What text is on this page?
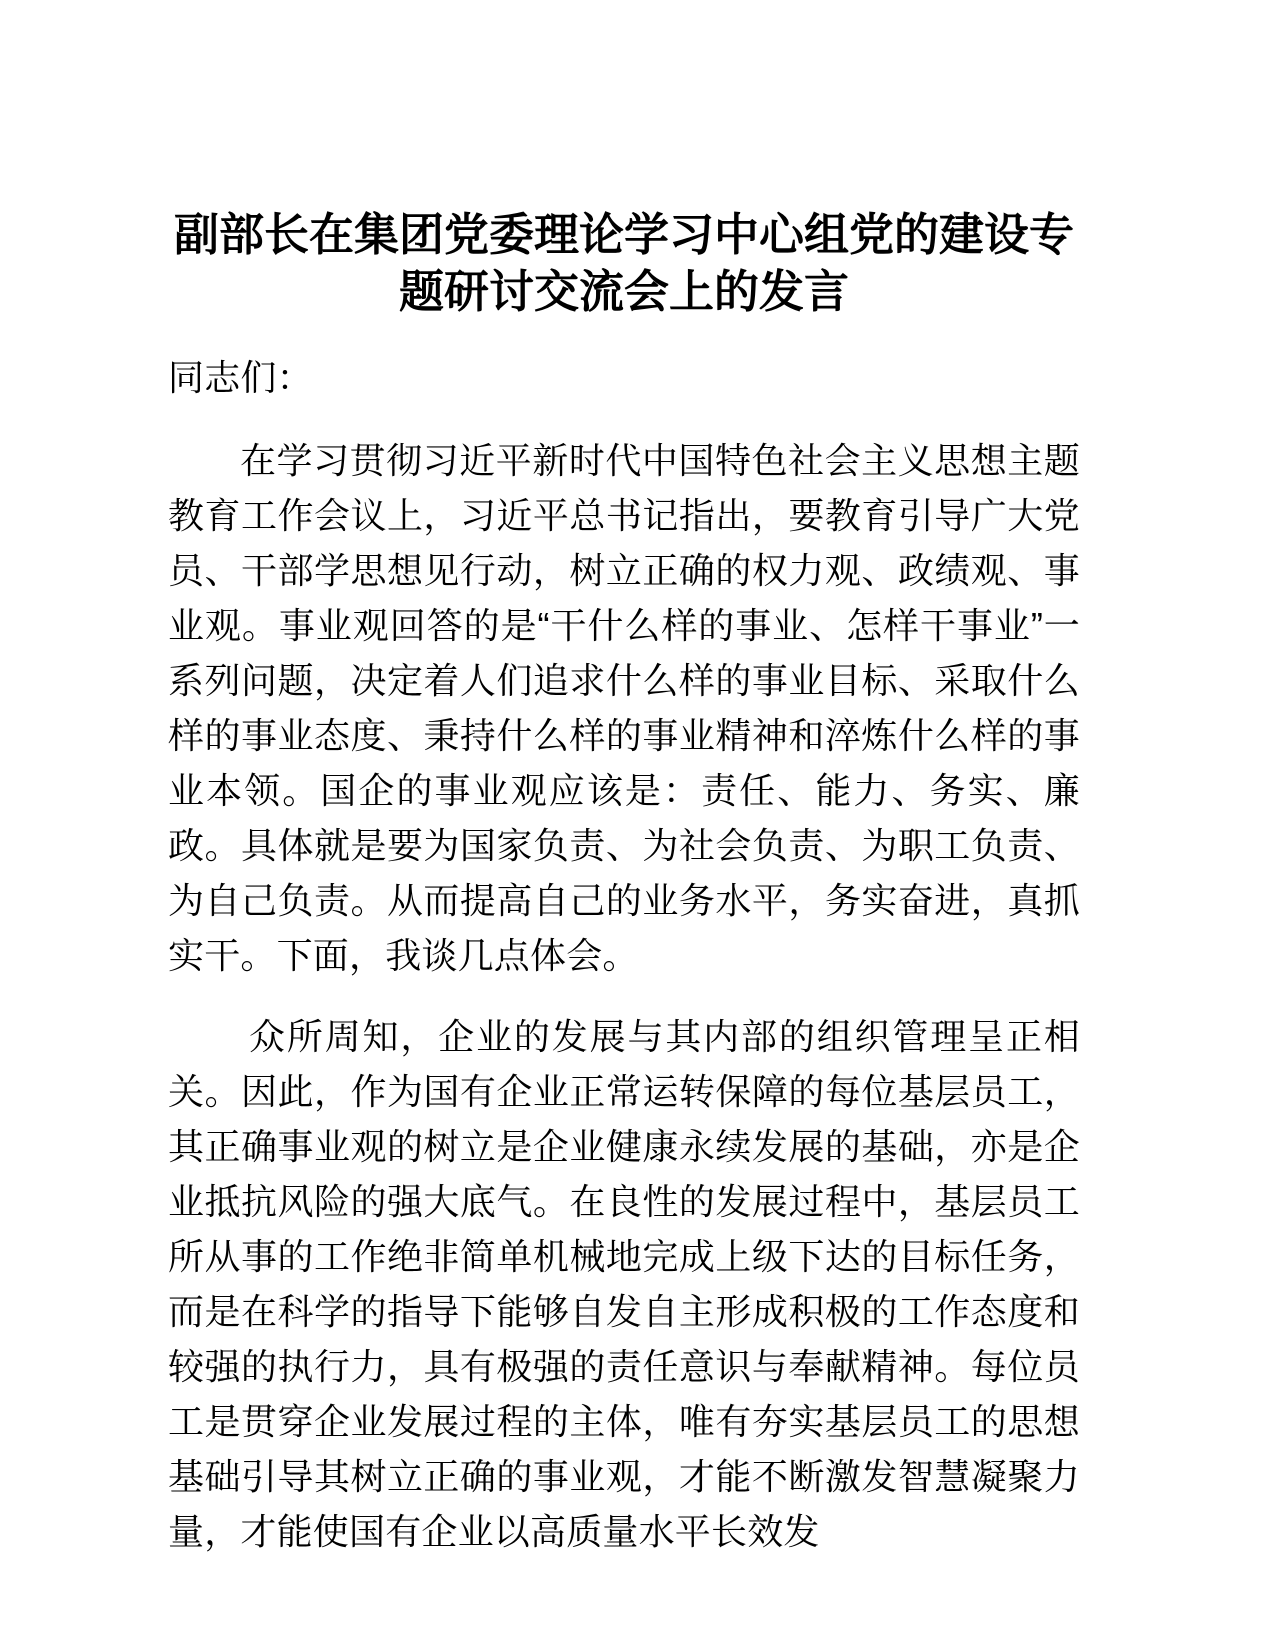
副部长在集团党委理论学习中心组党的建设专题研讨交流会上的发言

同志们：

在学习贯彻习近平新时代中国特色社会主义思想主题教育工作会议上，习近平总书记指出，要教育引导广大党员、干部学思想见行动，树立正确的权力观、政绩观、事业观。事业观回答的是“干什么样的事业、怎样干事业”一系列问题，决定着人们追求什么样的事业目标、采取什么样的事业态度、秉持什么样的事业精神和淬炼什么样的事业本领。国企的事业观应该是：责任、能力、务实、廉政。具体就是要为国家负责、为社会负责、为职工负责、为自己负责。从而提高自己的业务水平，务实奋进，真抓实干。下面，我谈几点体会。

众所周知，企业的发展与其内部的组织管理呈正相关。因此，作为国有企业正常运转保障的每位基层员工，其正确事业观的树立是企业健康永续发展的基础，亦是企业抵抗风险的强大底气。在良性的发展过程中，基层员工所从事的工作绝非简单机械地完成上级下达的目标任务，而是在科学的指导下能够自发自主形成积极的工作态度和较强的执行力，具有极强的责任意识与奉献精神。每位员工是贯穿企业发展过程的主体，唯有夯实基层员工的思想基础引导其树立正确的事业观，才能不断激发智慧凝聚力量，才能使国有企业以高质量水平长效发
